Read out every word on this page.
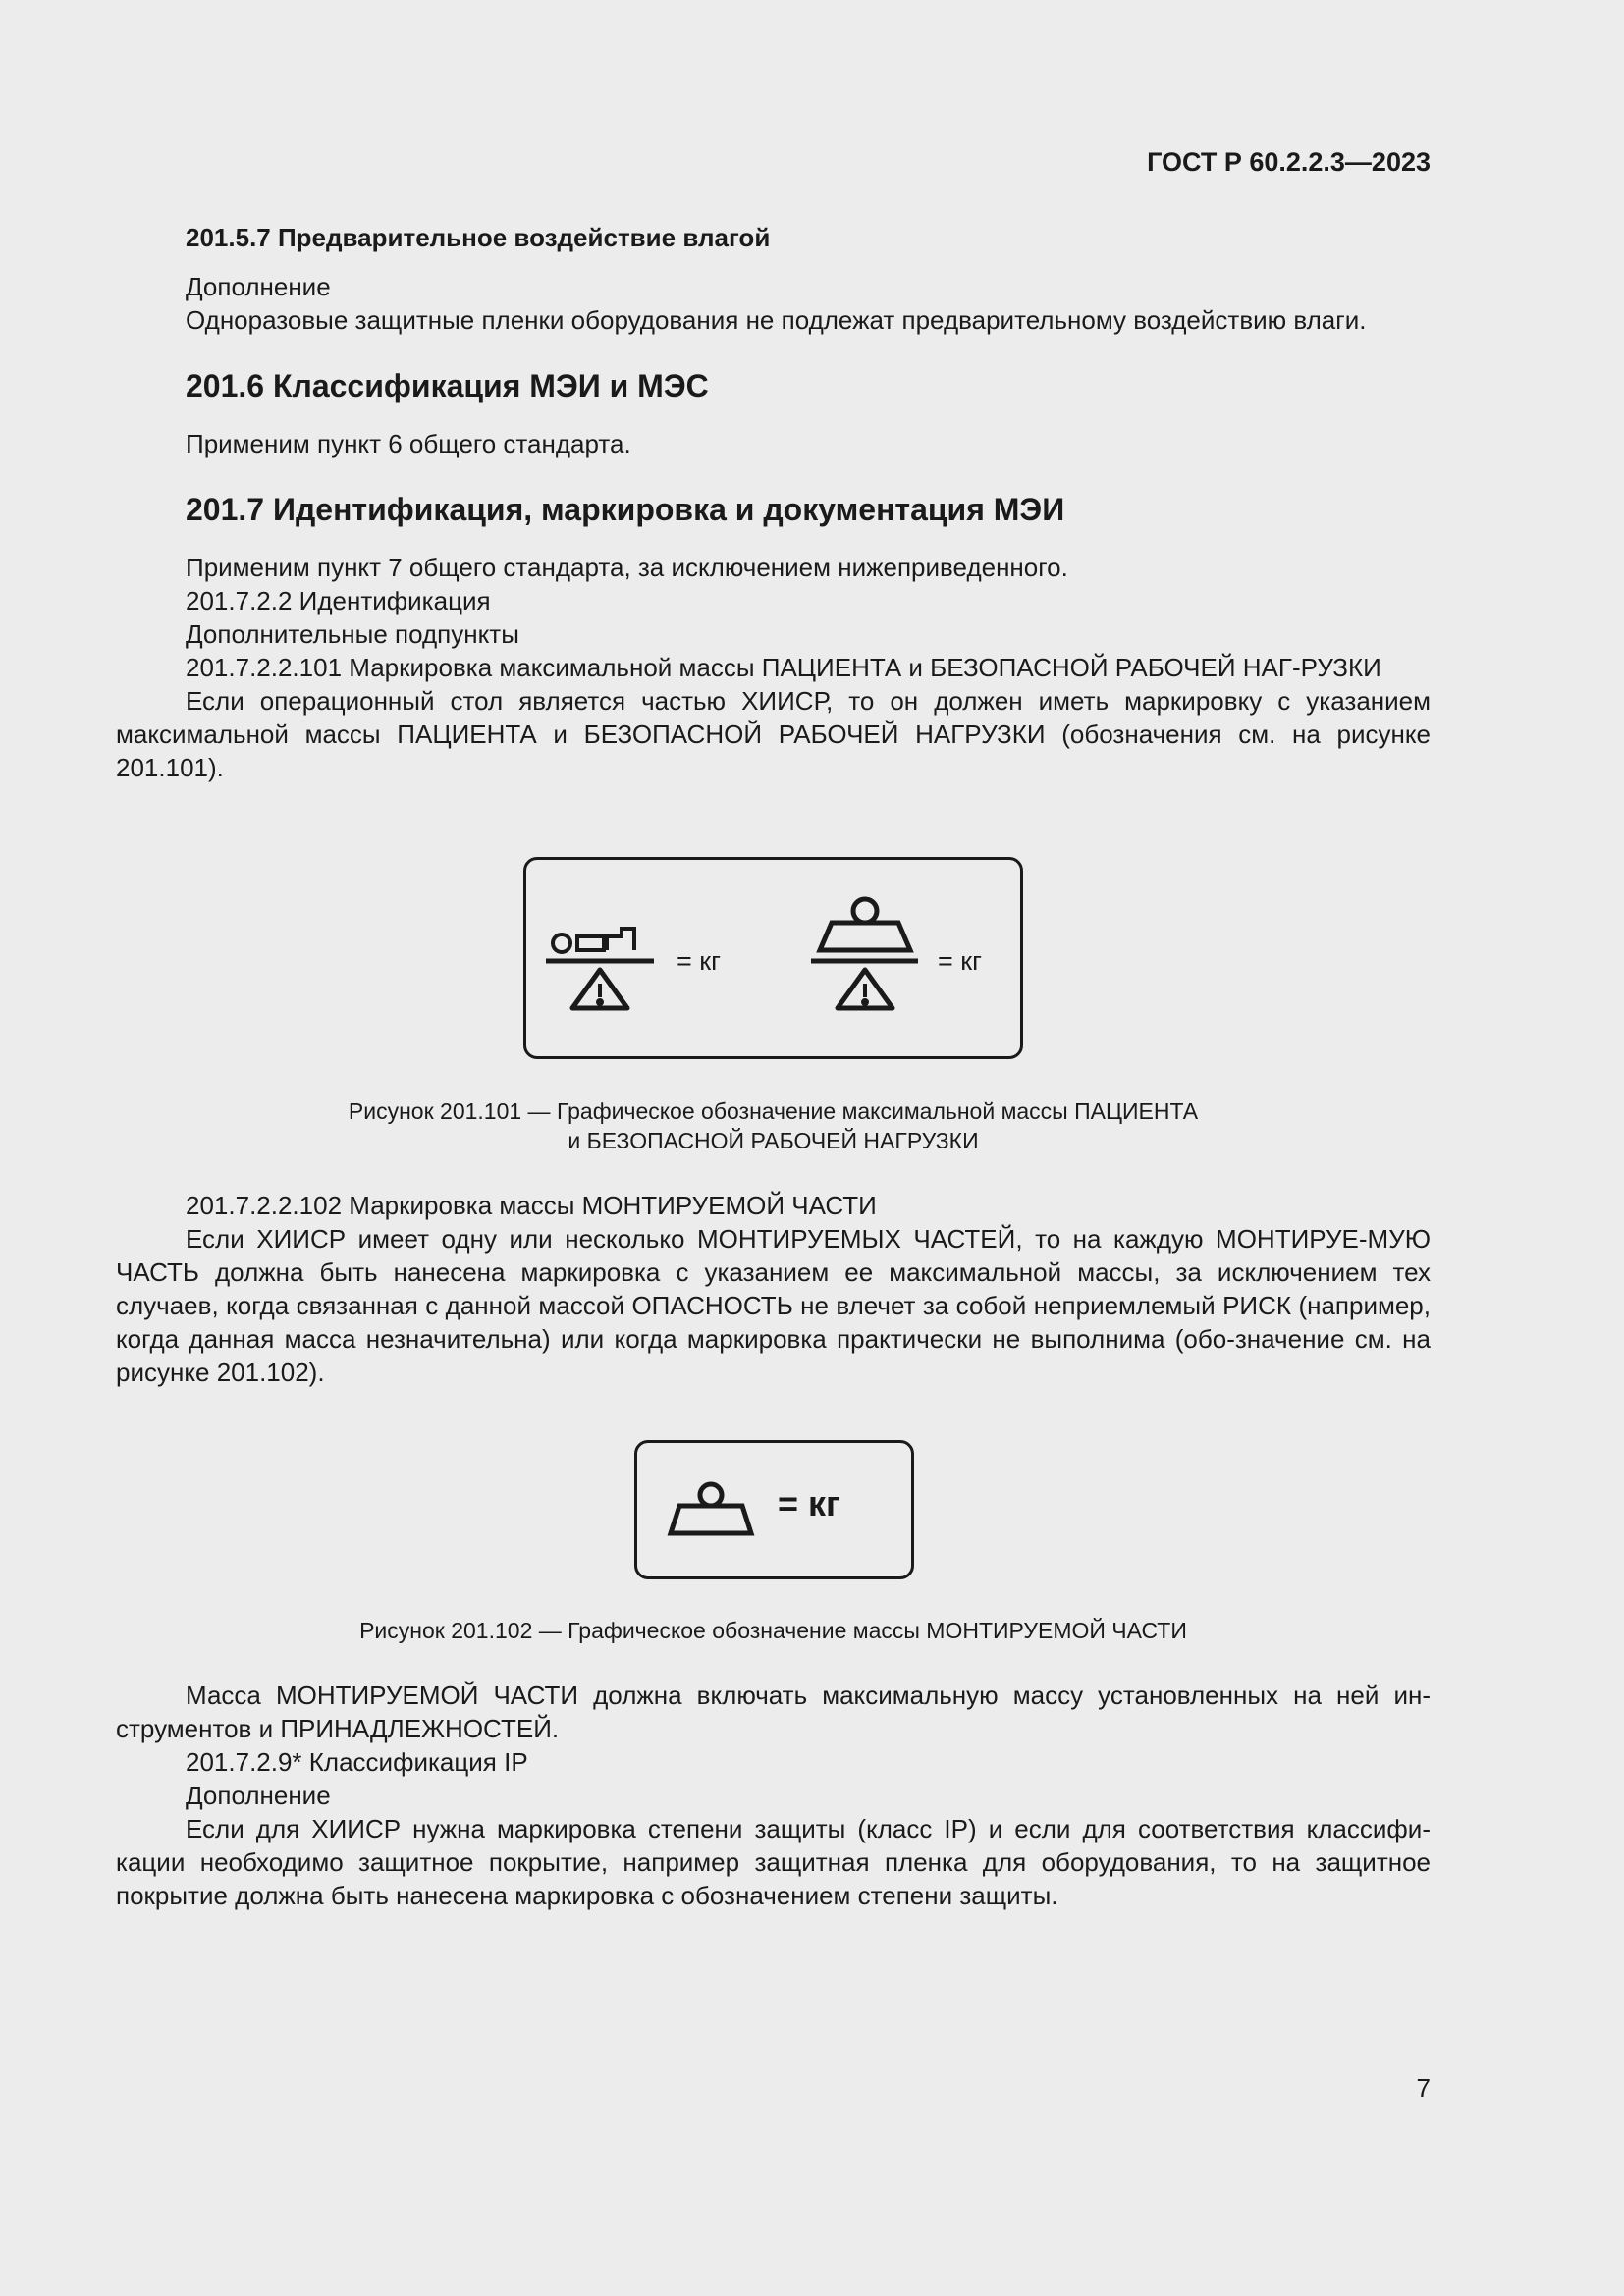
ГОСТ Р 60.2.2.3—2023

201.5.7 Предварительное воздействие влагой

Дополнение

Одноразовые защитные пленки оборудования не подлежат предварительному воздействию влаги.

201.6 Классификация МЭИ и МЭС

Применим пункт 6 общего стандарта.

201.7 Идентификация, маркировка и документация МЭИ

Применим пункт 7 общего стандарта, за исключением нижеприведенного.

201.7.2.2 Идентификация

Дополнительные подпункты

201.7.2.2.101 Маркировка максимальной массы ПАЦИЕНТА и БЕЗОПАСНОЙ РАБОЧЕЙ НАГ-РУЗКИ

Если операционный стол является частью ХИИСР, то он должен иметь маркировку с указанием максимальной массы ПАЦИЕНТА и БЕЗОПАСНОЙ РАБОЧЕЙ НАГРУЗКИ (обозначения см. на рисунке 201.101).

= кг	= кг

Рисунок 201.101 — Графическое обозначение максимальной массы ПАЦИЕНТА

и БЕЗОПАСНОЙ РАБОЧЕЙ НАГРУЗКИ

201.7.2.2.102 Маркировка массы МОНТИРУЕМОЙ ЧАСТИ

Если ХИИСР имеет одну или несколько МОНТИРУЕМЫХ ЧАСТЕЙ, то на каждую МОНТИРУЕ-МУЮ ЧАСТЬ должна быть нанесена маркировка с указанием ее максимальной массы, за исключением тех случаев, когда связанная с данной массой ОПАСНОСТЬ не влечет за собой неприемлемый РИСК (например, когда данная масса незначительна) или когда маркировка практически не выполнима (обо-значение см. на рисунке 201.102).

= кг

Рисунок 201.102 — Графическое обозначение массы МОНТИРУЕМОЙ ЧАСТИ

Масса МОНТИРУЕМОЙ ЧАСТИ должна включать максимальную массу установленных на ней ин-струментов и ПРИНАДЛЕЖНОСТЕЙ.

201.7.2.9* Классификация IP

Дополнение

Если для ХИИСР нужна маркировка степени защиты (класс IP) и если для соответствия классифи-кации необходимо защитное покрытие, например защитная пленка для оборудования, то на защитное покрытие должна быть нанесена маркировка с обозначением степени защиты.

7
